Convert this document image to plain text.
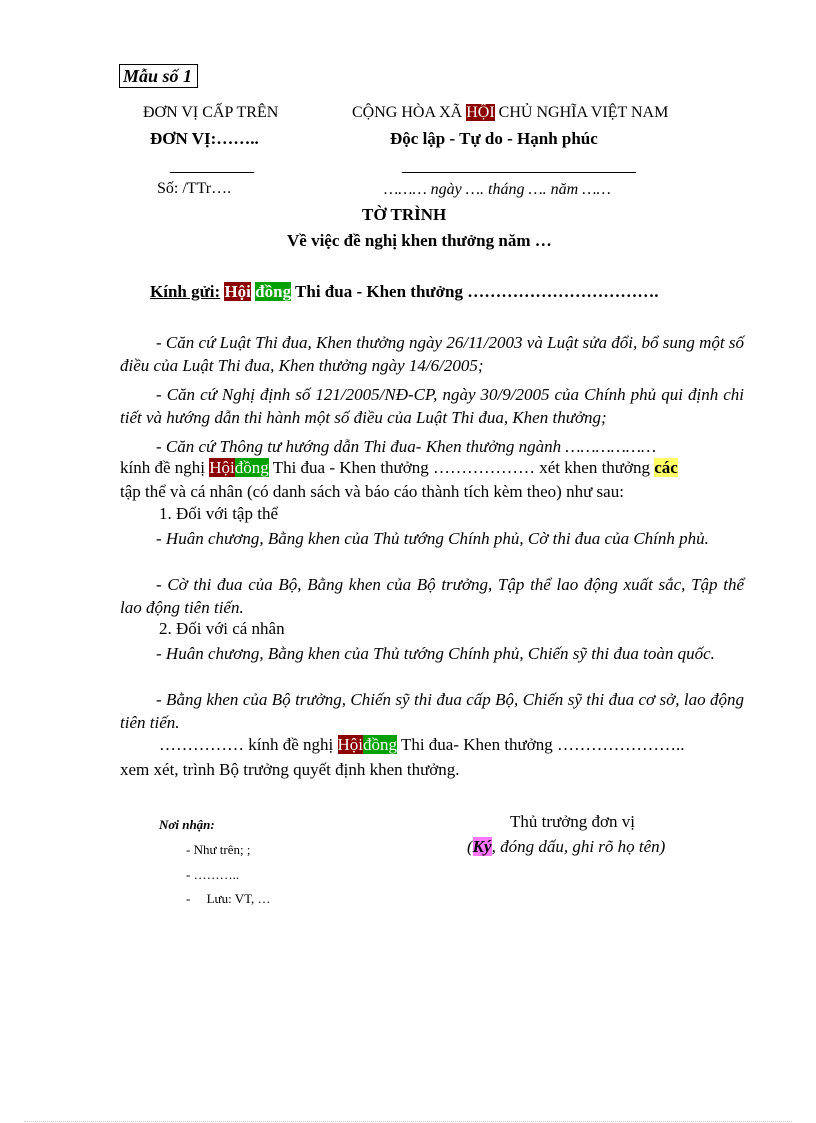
Mẫu số 1
ĐƠN VỊ CẤP TRÊN
ĐƠN VỊ:……..
CỘNG HÒA XÃ HỘI CHỦ NGHĨA VIỆT NAM
Độc lập - Tự do - Hạnh phúc
Số: /TTr….	……… ngày …. tháng …. năm ……
TỜ TRÌNH
Về việc đề nghị khen thưởng năm …
Kính gửi: Hội đồng Thi đua - Khen thưởng …………………………….
- Căn cứ Luật Thi đua, Khen thưởng ngày 26/11/2003 và Luật sửa đổi, bổ sung một số điều của Luật Thi đua, Khen thưởng ngày 14/6/2005;
- Căn cứ Nghị định số 121/2005/NĐ-CP, ngày 30/9/2005 của Chính phủ qui định chi tiết và hướng dẫn thi hành một số điều của Luật Thi đua, Khen thưởng;
- Căn cứ Thông tư hướng dẫn Thi đua- Khen thưởng ngành ………………
kính đề nghị Hộiđồng Thi đua - Khen thưởng ……………… xét khen thưởng các
tập thể và cá nhân (có danh sách và báo cáo thành tích kèm theo) như sau:
1. Đối với tập thể
- Huân chương, Bằng khen của Thủ tướng Chính phủ, Cờ thi đua của Chính phủ.
- Cờ thi đua của Bộ, Bằng khen của Bộ trưởng, Tập thể lao động xuất sắc, Tập thể lao động tiên tiến.
2. Đối với cá nhân
- Huân chương, Bằng khen của Thủ tướng Chính phủ, Chiến sỹ thi đua toàn quốc.
- Bằng khen của Bộ trưởng, Chiến sỹ thi đua cấp Bộ, Chiến sỹ thi đua cơ sở, lao động tiên tiến.
…………… kính đề nghị Hộiđồng Thi đua- Khen thưởng …………………..
xem xét, trình Bộ trưởng quyết định khen thưởng.
Nơi nhận:
- Như trên; ;
- ………..
-     Lưu: VT, …
Thủ trưởng đơn vị
(Ký, đóng dấu, ghi rõ họ tên)
